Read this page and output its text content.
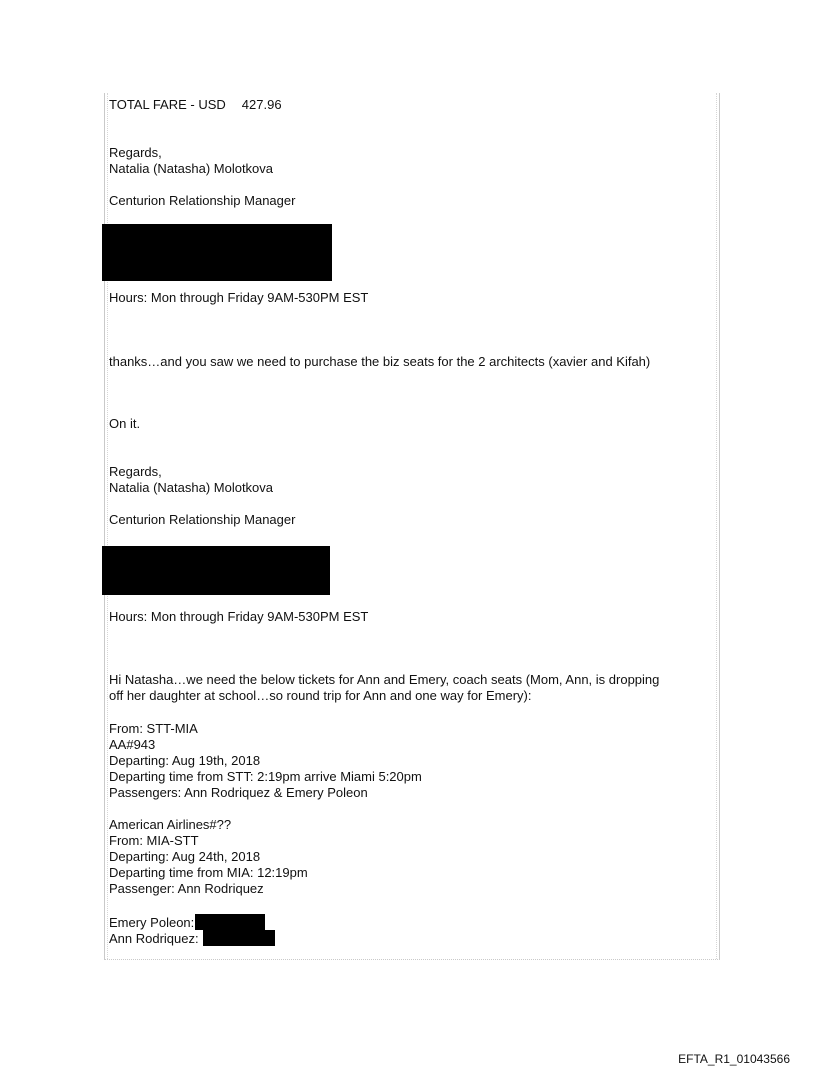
TOTAL FARE - USD 427.96

Regards,

Natalia (Natasha) Molotkova

Centurion Relationship Manager

Hours: Mon through Friday 9AM-530PM EST

thanks…and you saw we need to purchase the biz seats for the 2 architects (xavier and Kifah)

On it.

Regards,

Natalia (Natasha) Molotkova

Centurion Relationship Manager

Hours: Mon through Friday 9AM-530PM EST

Hi Natasha…we need the below tickets for Ann and Emery, coach seats (Mom, Ann, is dropping

off her daughter at school…so round trip for Ann and one way for Emery):

From: STT-MIA

AA#943

Departing: Aug 19th, 2018

Departing time from STT: 2:19pm arrive Miami 5:20pm

Passengers: Ann Rodriquez & Emery Poleon

American Airlines#??

From: MIA-STT

Departing: Aug 24th, 2018

Departing time from MIA: 12:19pm

Passenger: Ann Rodriquez

Emery Poleon:

Ann Rodriquez:

EFTA_R1_01043566
